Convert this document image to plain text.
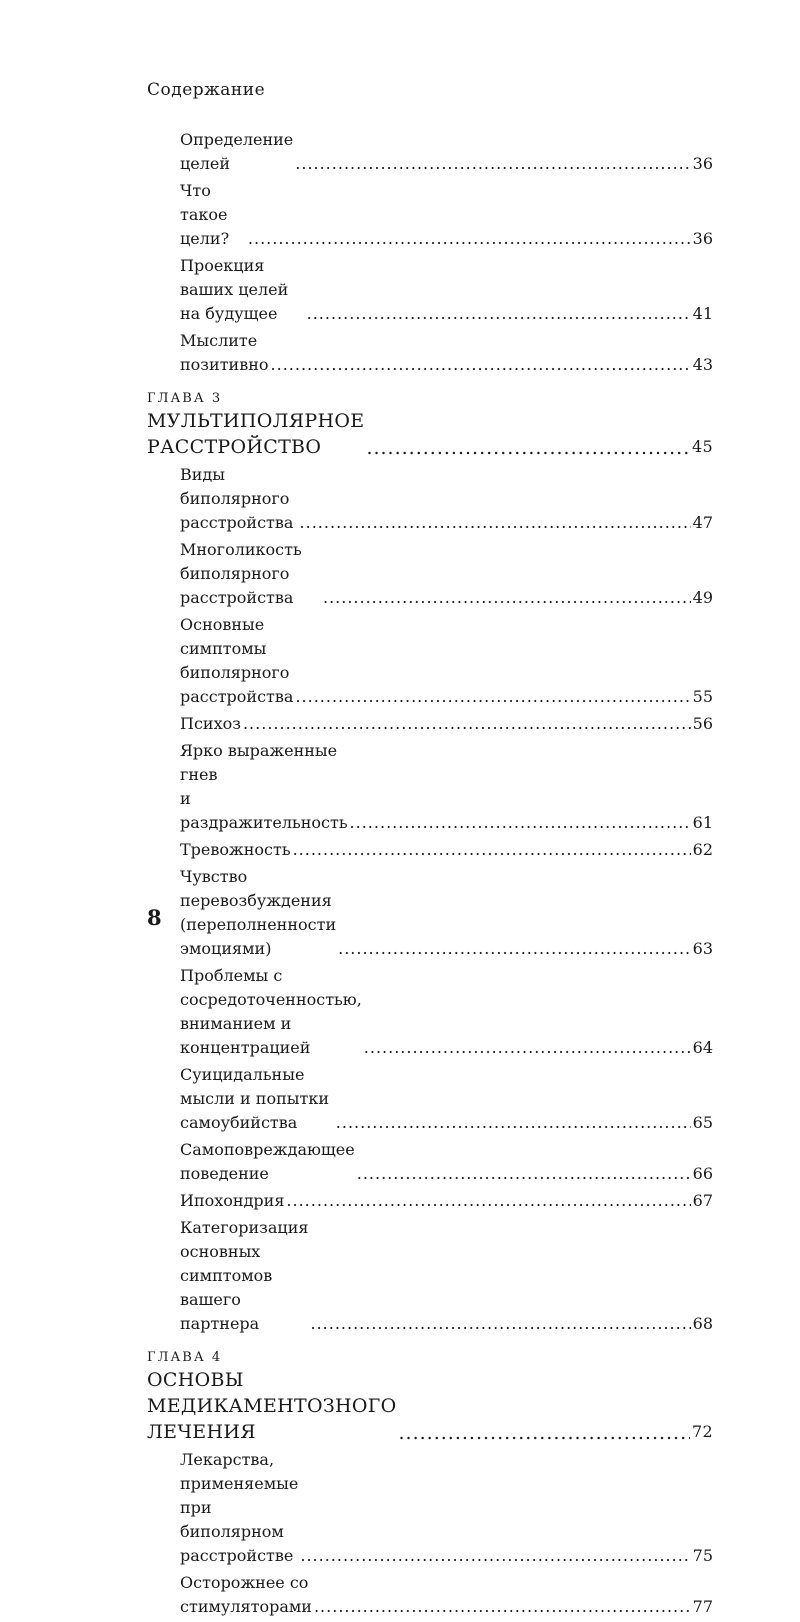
Содержание
Определение целей .....	36
Что такое цели? .....	36
Проекция ваших целей на будущее .....	41
Мыслите позитивно .....	43
ГЛАВА 3
МУЛЬТИПОЛЯРНОЕ РАССТРОЙСТВО .....	45
Виды биполярного расстройства .....	47
Многоликость биполярного расстройства .....	49
Основные симптомы
биполярного расстройства .....	55
Психоз .....	56
Ярко выраженные гнев
и раздражительность .....	61
Тревожность .....	62
Чувство перевозбуждения
(переполненности эмоциями) .....	63
Проблемы с сосредоточенностью,
вниманием и концентрацией .....	64
Суицидальные мысли и попытки самоубийства .....	65
Самоповреждающее поведение .....	66
Ипохондрия .....	67
Категоризация основных симптомов
вашего партнера .....	68
ГЛАВА 4
ОСНОВЫ МЕДИКАМЕНТОЗНОГО ЛЕЧЕНИЯ .....	72
Лекарства, применяемые
при биполярном расстройстве .....	75
Осторожнее со стимуляторами .....	77
8
